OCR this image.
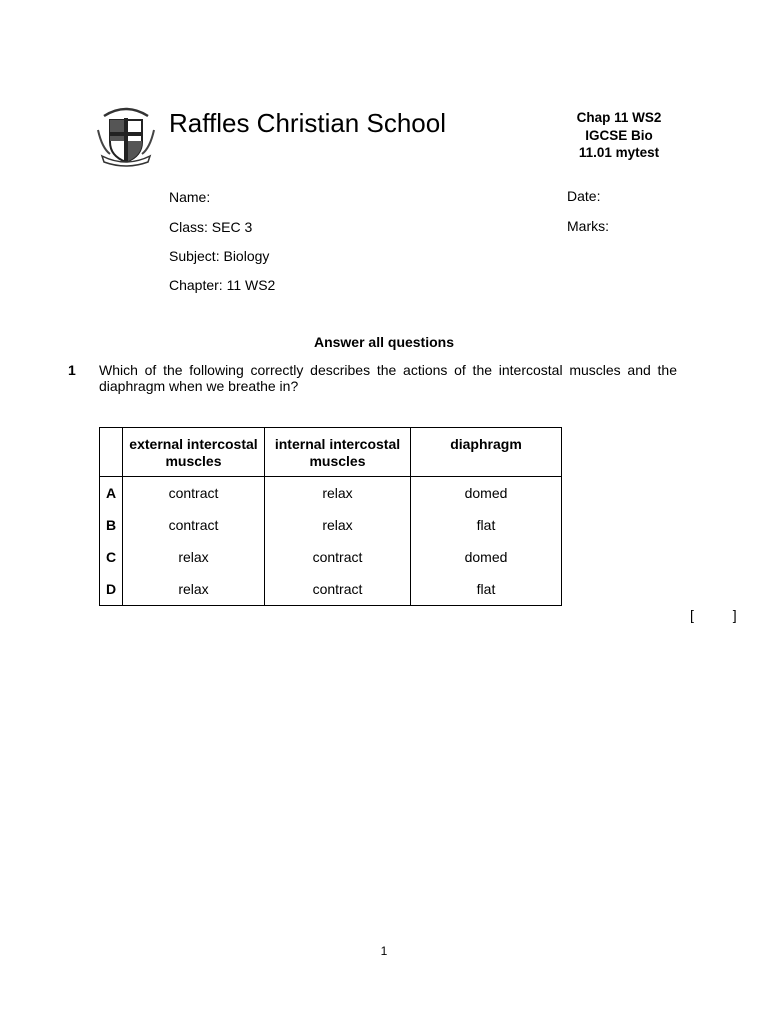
Raffles Christian School	Chap 11 WS2
IGCSE Bio
11.01 mytest
Name:
Class: SEC 3
Subject: Biology
Chapter: 11 WS2
Date:
Marks:
Answer all questions
1 Which of the following correctly describes the actions of the intercostal muscles and the diaphragm when we breathe in?
	external intercostal muscles	internal intercostal muscles	diaphragm
A	contract	relax	domed
B	contract	relax	flat
C	relax	contract	domed
D	relax	contract	flat
[          ]
1
